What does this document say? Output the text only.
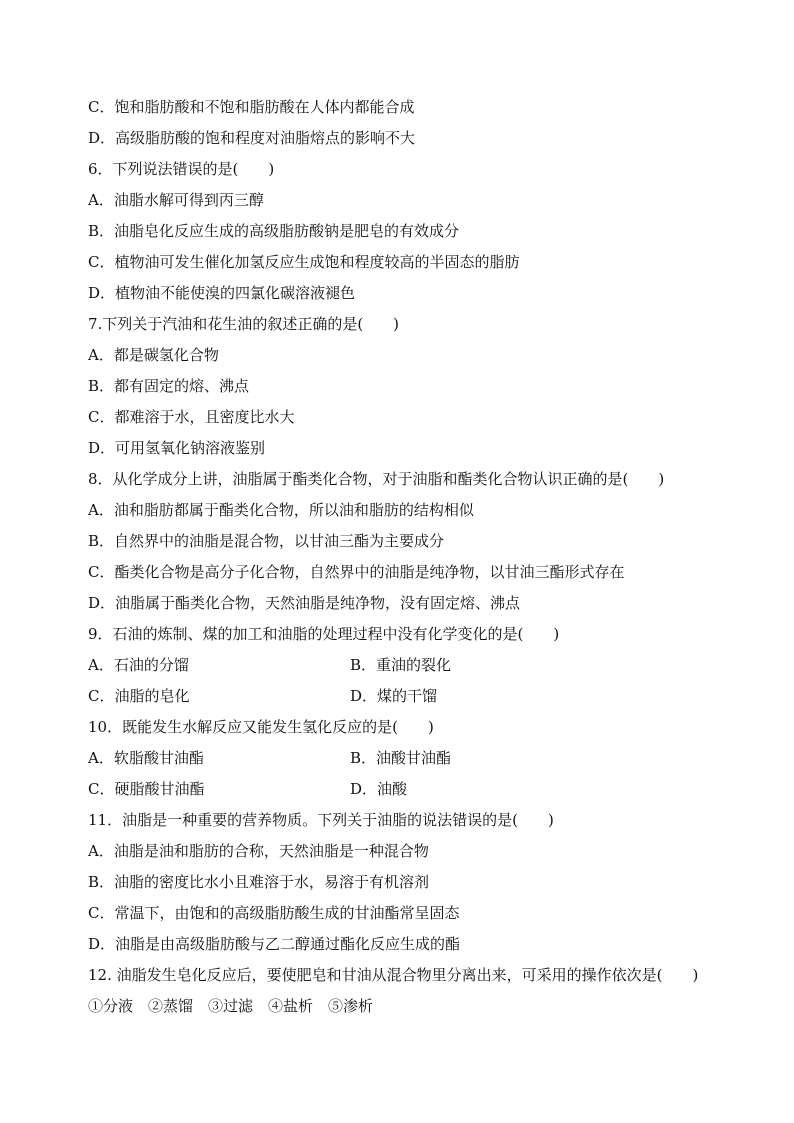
C．饱和脂肪酸和不饱和脂肪酸在人体内都能合成
D．高级脂肪酸的饱和程度对油脂熔点的影响不大
6．下列说法错误的是(　　)
A．油脂水解可得到丙三醇
B．油脂皂化反应生成的高级脂肪酸钠是肥皂的有效成分
C．植物油可发生催化加氢反应生成饱和程度较高的半固态的脂肪
D．植物油不能使溴的四氯化碳溶液褪色
7.下列关于汽油和花生油的叙述正确的是(　　)
A．都是碳氢化合物
B．都有固定的熔、沸点
C．都难溶于水，且密度比水大
D．可用氢氧化钠溶液鉴别
8．从化学成分上讲，油脂属于酯类化合物，对于油脂和酯类化合物认识正确的是(　　)
A．油和脂肪都属于酯类化合物，所以油和脂肪的结构相似
B．自然界中的油脂是混合物，以甘油三酯为主要成分
C．酯类化合物是高分子化合物，自然界中的油脂是纯净物，以甘油三酯形式存在
D．油脂属于酯类化合物，天然油脂是纯净物，没有固定熔、沸点
9．石油的炼制、煤的加工和油脂的处理过程中没有化学变化的是(　　)
A．石油的分馏	B．重油的裂化
C．油脂的皂化	D．煤的干馏
10．既能发生水解反应又能发生氢化反应的是(　　)
A．软脂酸甘油酯	B．油酸甘油酯
C．硬脂酸甘油酯	D．油酸
11．油脂是一种重要的营养物质。下列关于油脂的说法错误的是(　　)
A．油脂是油和脂肪的合称，天然油脂是一种混合物
B．油脂的密度比水小且难溶于水，易溶于有机溶剂
C．常温下，由饱和的高级脂肪酸生成的甘油酯常呈固态
D．油脂是由高级脂肪酸与乙二醇通过酯化反应生成的酯
12. 油脂发生皂化反应后，要使肥皂和甘油从混合物里分离出来，可采用的操作依次是(　　)
①分液　②蒸馏　③过滤　④盐析　⑤渗析
